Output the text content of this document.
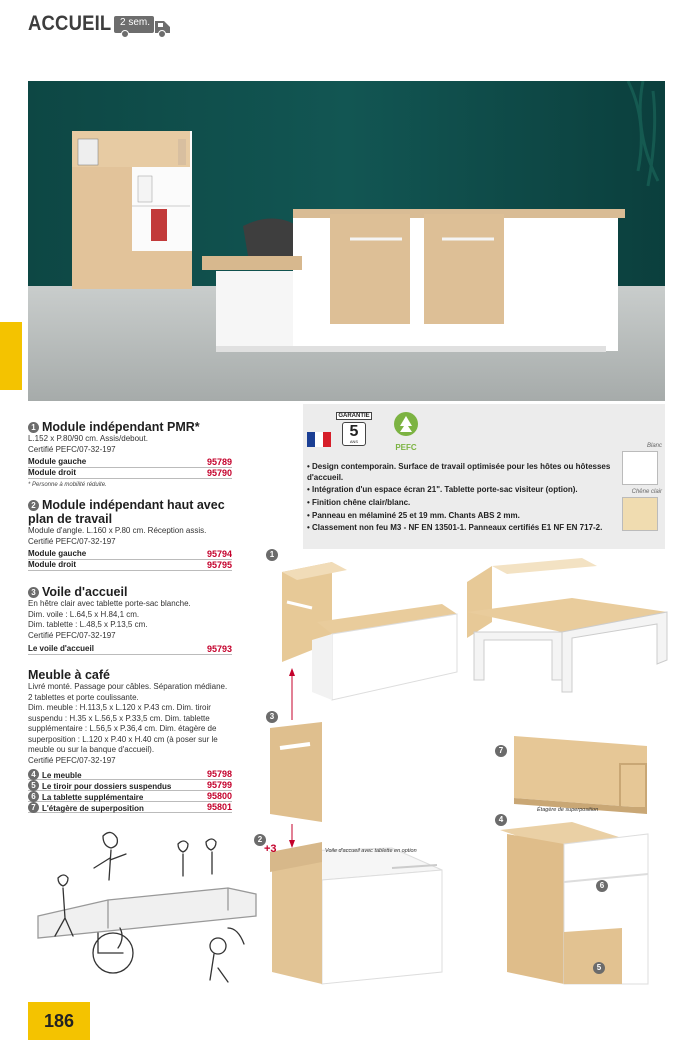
ACCUEIL 2 sem.
1 Module indépendant PMR*
L.152 x P.80/90 cm. Assis/debout.
Certifié PEFC/07-32-197
Module gauche	95789
Module droit	95790
* Personne à mobilité réduite.
2 Module indépendant haut avec plan de travail
Module d'angle. L.160 x P.80 cm. Réception assis.
Certifié PEFC/07-32-197
Module gauche	95794
Module droit	95795
3 Voile d'accueil
En hêtre clair avec tablette porte-sac blanche.
Dim. voile : L.64,5 x H.84,1 cm.
Dim. tablette : L.48,5 x P.13,5 cm.
Certifié PEFC/07-32-197
Le voile d'accueil	95793
Meuble à café
Livré monté. Passage pour câbles. Séparation médiane. 2 tablettes et porte coulissante.
Dim. meuble : H.113,5 x L.120 x P.43 cm. Dim. tiroir suspendu : H.35 x L.56,5 x P.33,5 cm. Dim. tablette supplémentaire : L.56,5 x P.36,4 cm. Dim. étagère de superposition : L.120 x P.40 x H.40 cm (à poser sur le meuble ou sur la banque d'accueil).
Certifié PEFC/07-32-197
4 Le meuble	95798
5 Le tiroir pour dossiers suspendus	95799
6 La tablette supplémentaire	95800
7 L'étagère de superposition	95801
GARANTIE
5
ANS
PEFC
• Design contemporain. Surface de travail optimisée pour les hôtes ou hôtesses d'accueil.
• Intégration d'un espace écran 21". Tablette porte-sac visiteur (option).
• Finition chêne clair/blanc.
• Panneau en mélaminé 25 et 19 mm. Chants ABS 2 mm.
• Classement non feu M3 - NF EN 13501-1. Panneaux certifiés E1 NF EN 717-2.
Blanc
Chêne clair
1
3
2
+3
7
4
6
5
Étagère de superposition
Voile d'accueil avec tablette en option
186
